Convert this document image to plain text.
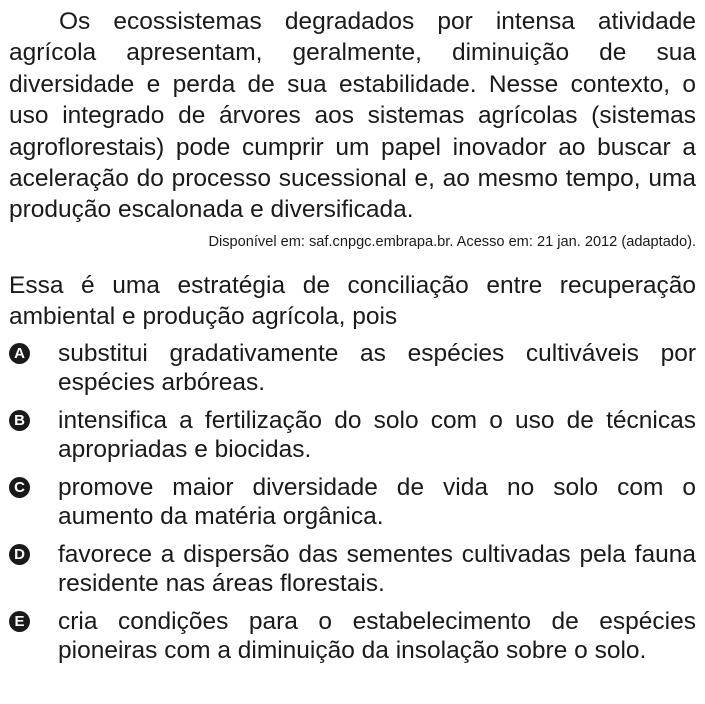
Os ecossistemas degradados por intensa atividade agrícola apresentam, geralmente, diminuição de sua diversidade e perda de sua estabilidade. Nesse contexto, o uso integrado de árvores aos sistemas agrícolas (sistemas agroflorestais) pode cumprir um papel inovador ao buscar a aceleração do processo sucessional e, ao mesmo tempo, uma produção escalonada e diversificada.

Disponível em: saf.cnpgc.embrapa.br. Acesso em: 21 jan. 2012 (adaptado).

Essa é uma estratégia de conciliação entre recuperação ambiental e produção agrícola, pois

A substitui gradativamente as espécies cultiváveis por espécies arbóreas.
B intensifica a fertilização do solo com o uso de técnicas apropriadas e biocidas.
C promove maior diversidade de vida no solo com o aumento da matéria orgânica.
D favorece a dispersão das sementes cultivadas pela fauna residente nas áreas florestais.
E cria condições para o estabelecimento de espécies pioneiras com a diminuição da insolação sobre o solo.
